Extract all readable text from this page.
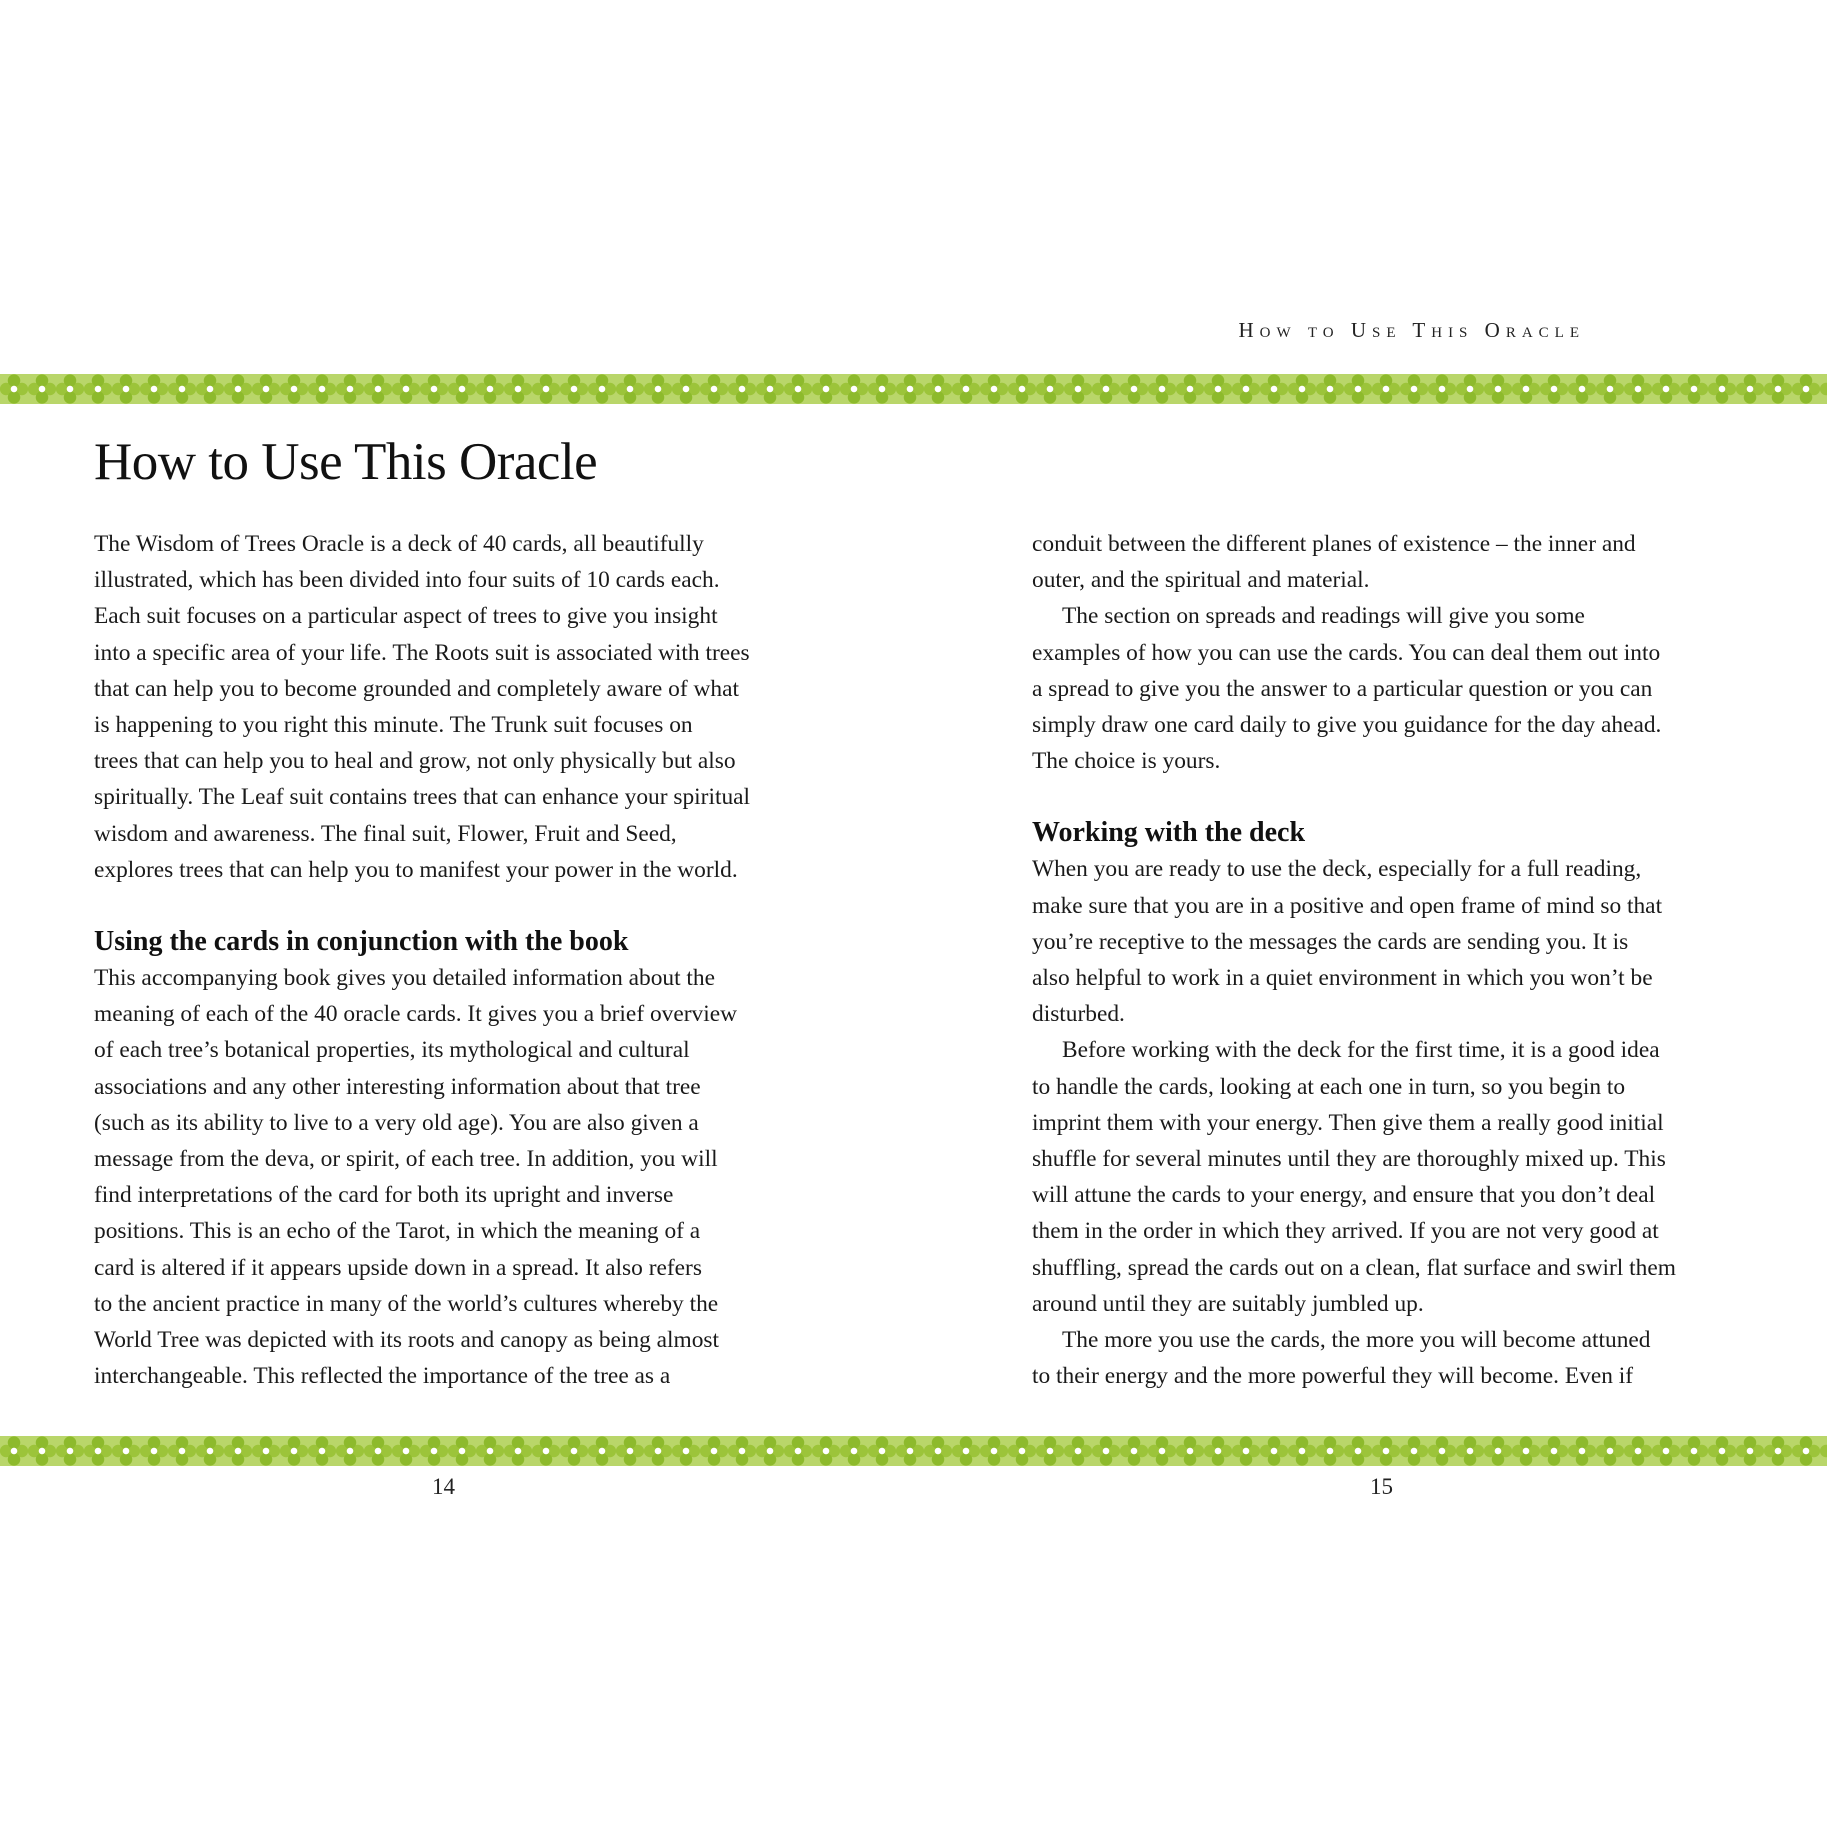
How to Use This Oracle
How to Use This Oracle

The Wisdom of Trees Oracle is a deck of 40 cards, all beautifully
illustrated, which has been divided into four suits of 10 cards each.
Each suit focuses on a particular aspect of trees to give you insight
into a specific area of your life. The Roots suit is associated with trees
that can help you to become grounded and completely aware of what
is happening to you right this minute. The Trunk suit focuses on
trees that can help you to heal and grow, not only physically but also
spiritually. The Leaf suit contains trees that can enhance your spiritual
wisdom and awareness. The final suit, Flower, Fruit and Seed,
explores trees that can help you to manifest your power in the world.

Using the cards in conjunction with the book

This accompanying book gives you detailed information about the
meaning of each of the 40 oracle cards. It gives you a brief overview
of each tree’s botanical properties, its mythological and cultural
associations and any other interesting information about that tree
(such as its ability to live to a very old age). You are also given a
message from the deva, or spirit, of each tree. In addition, you will
find interpretations of the card for both its upright and inverse
positions. This is an echo of the Tarot, in which the meaning of a
card is altered if it appears upside down in a spread. It also refers
to the ancient practice in many of the world’s cultures whereby the
World Tree was depicted with its roots and canopy as being almost
interchangeable. This reflected the importance of the tree as a

conduit between the different planes of existence – the inner and
outer, and the spiritual and material.

The section on spreads and readings will give you some
examples of how you can use the cards. You can deal them out into
a spread to give you the answer to a particular question or you can
simply draw one card daily to give you guidance for the day ahead.
The choice is yours.

Working with the deck

When you are ready to use the deck, especially for a full reading,
make sure that you are in a positive and open frame of mind so that
you’re receptive to the messages the cards are sending you. It is
also helpful to work in a quiet environment in which you won’t be
disturbed.

Before working with the deck for the first time, it is a good idea
to handle the cards, looking at each one in turn, so you begin to
imprint them with your energy. Then give them a really good initial
shuffle for several minutes until they are thoroughly mixed up. This
will attune the cards to your energy, and ensure that you don’t deal
them in the order in which they arrived. If you are not very good at
shuffling, spread the cards out on a clean, flat surface and swirl them
around until they are suitably jumbled up.

The more you use the cards, the more you will become attuned
to their energy and the more powerful they will become. Even if

14	15
